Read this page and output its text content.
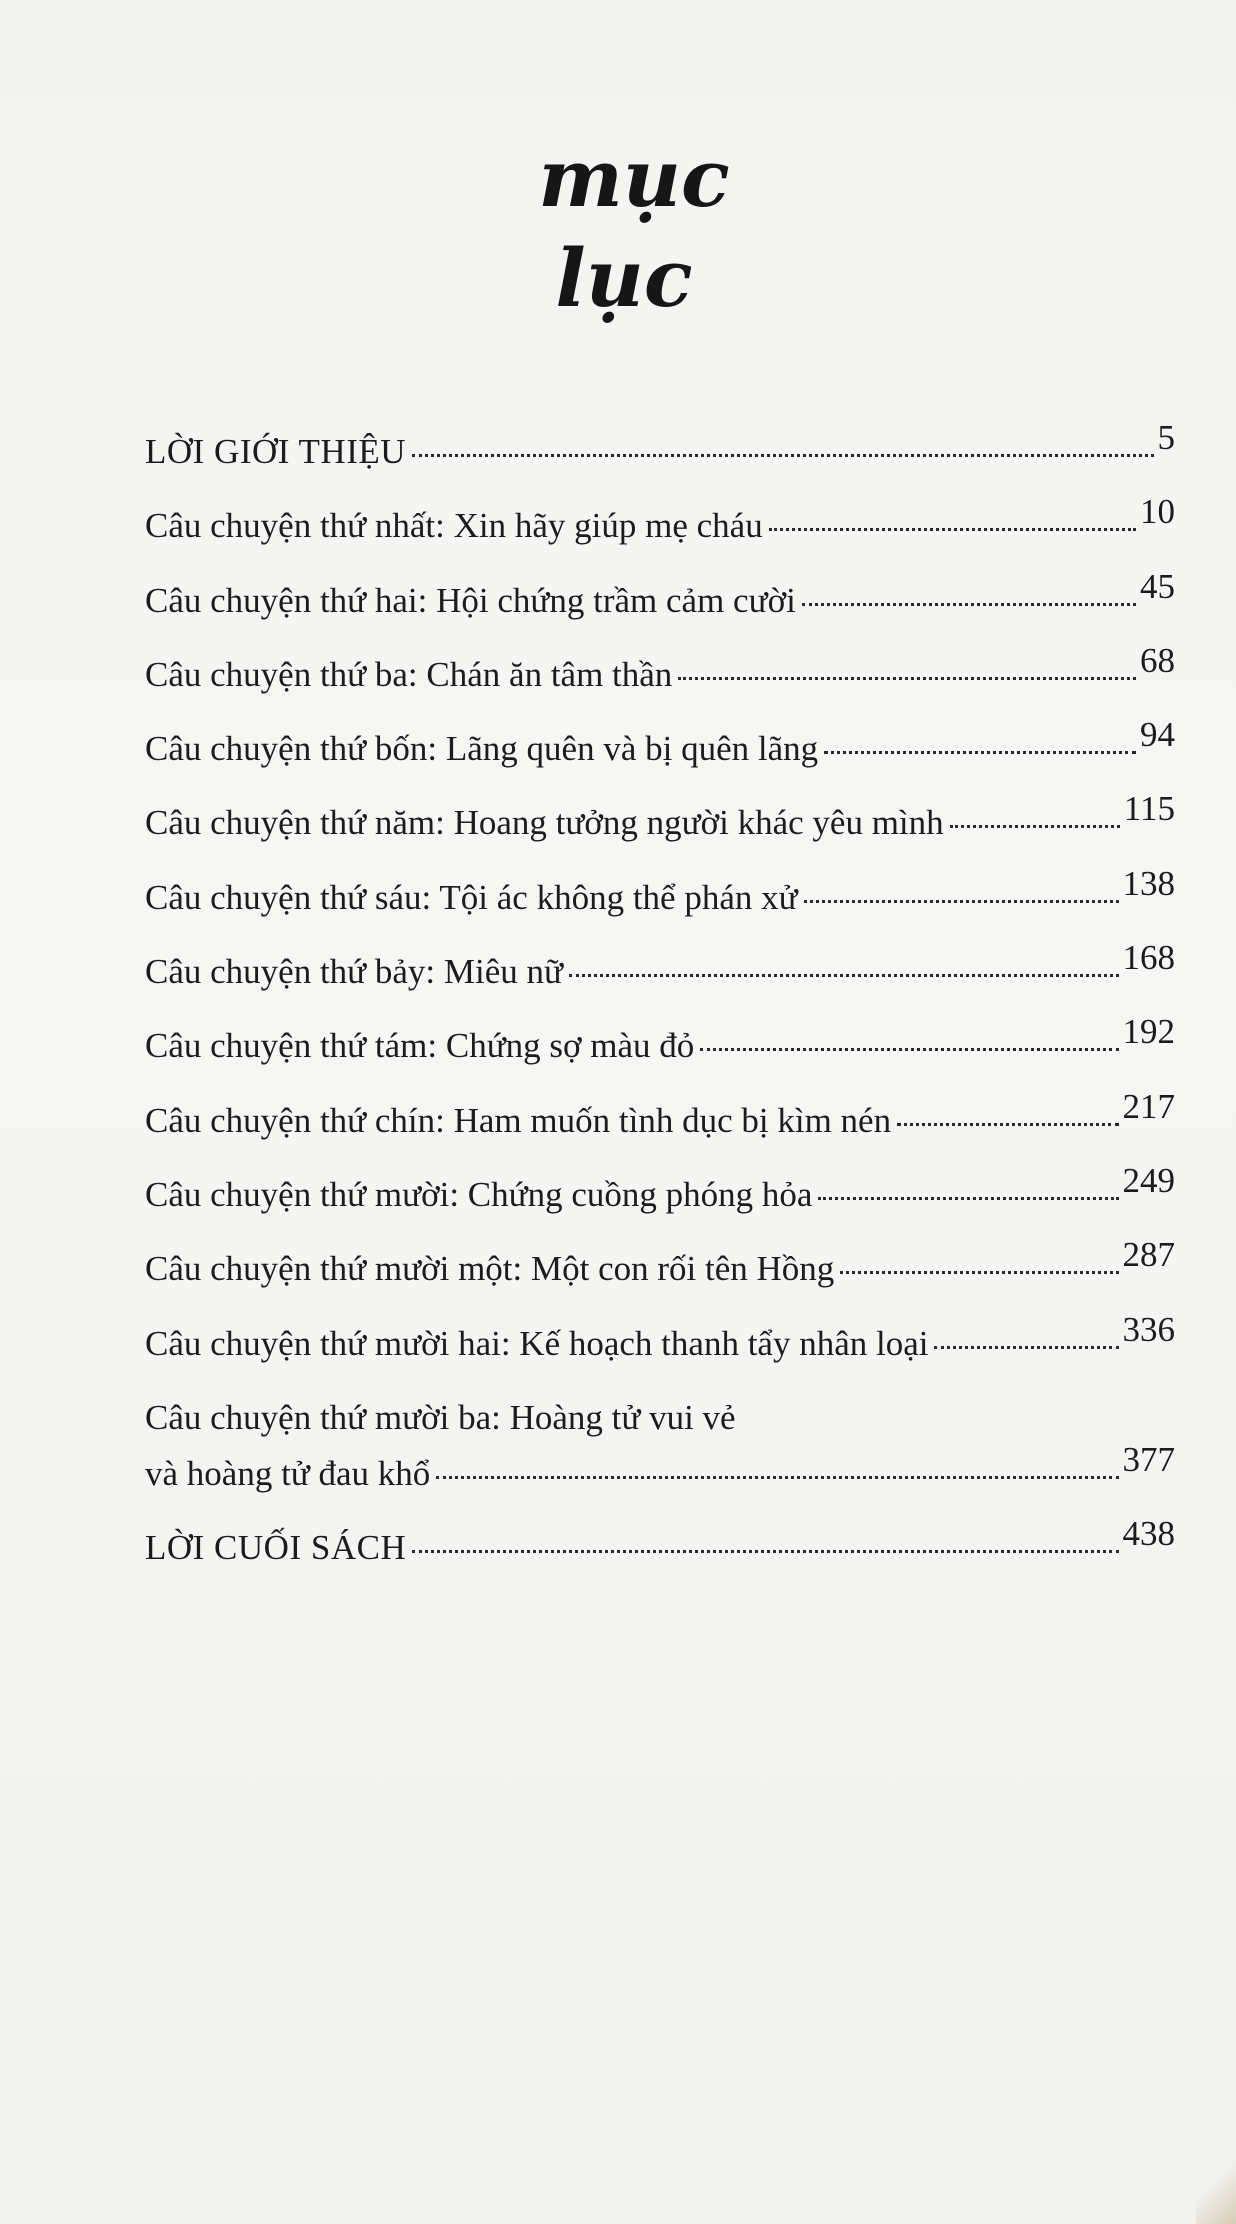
mục
lục
LỜI GIỚI THIỆU	5
Câu chuyện thứ nhất: Xin hãy giúp mẹ cháu	10
Câu chuyện thứ hai: Hội chứng trầm cảm cười	45
Câu chuyện thứ ba: Chán ăn tâm thần	68
Câu chuyện thứ bốn: Lãng quên và bị quên lãng	94
Câu chuyện thứ năm: Hoang tưởng người khác yêu mình	115
Câu chuyện thứ sáu: Tội ác không thể phán xử	138
Câu chuyện thứ bảy: Miêu nữ	168
Câu chuyện thứ tám: Chứng sợ màu đỏ	192
Câu chuyện thứ chín: Ham muốn tình dục bị kìm nén	217
Câu chuyện thứ mười: Chứng cuồng phóng hỏa	249
Câu chuyện thứ mười một: Một con rối tên Hồng	287
Câu chuyện thứ mười hai: Kế hoạch thanh tẩy nhân loại	336
Câu chuyện thứ mười ba: Hoàng tử vui vẻ
và hoàng tử đau khổ	377
LỜI CUỐI SÁCH	438
